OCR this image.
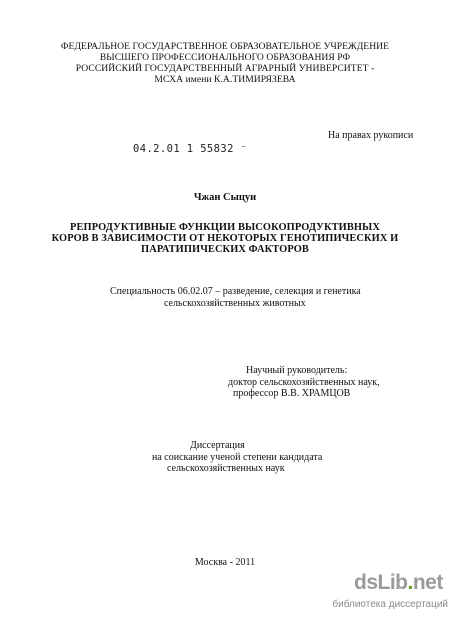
ФЕДЕРАЛЬНОЕ ГОСУДАРСТВЕННОЕ ОБРАЗОВАТЕЛЬНОЕ УЧРЕЖДЕНИЕ
ВЫСШЕГО ПРОФЕССИОНАЛЬНОГО ОБРАЗОВАНИЯ РФ
РОССИЙСКИЙ ГОСУДАРСТВЕННЫЙ АГРАРНЫЙ УНИВЕРСИТЕТ -
МСХА имени К.А.ТИМИРЯЗЕВА
На правах рукописи
04.2.01 1 55832 ⁻
Чжан Сыцуи
РЕПРОДУКТИВНЫЕ ФУНКЦИИ ВЫСОКОПРОДУКТИВНЫХ
КОРОВ В ЗАВИСИМОСТИ ОТ НЕКОТОРЫХ ГЕНОТИПИЧЕСКИХ И
ПАРАТИПИЧЕСКИХ ФАКТОРОВ
Специальность 06.02.07 – разведение, селекция и генетика
сельскохозяйственных животных
Научный руководитель:
доктор сельскохозяйственных наук,
профессор В.В. ХРАМЦОВ
Диссертация
на соискание ученой степени кандидата
сельскохозяйственных наук
Москва - 2011
dsLib.net
библиотека диссертаций
